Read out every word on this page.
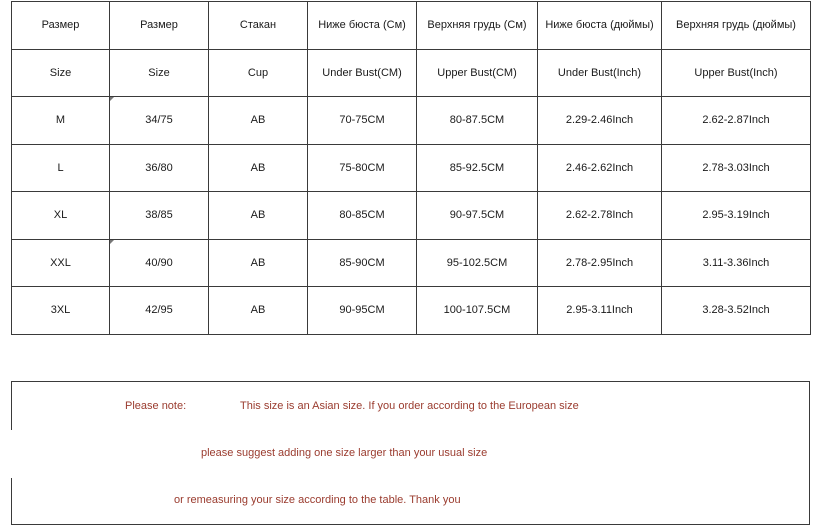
Размер	Размер	Стакан	Ниже бюста (См)	Верхняя грудь (См)	Ниже бюста (дюймы)	Верхняя грудь (дюймы)
Size	Size	Cup	Under Bust(CM)	Upper Bust(CM)	Under Bust(Inch)	Upper Bust(Inch)
M	34/75	AB	70-75CM	80-87.5CM	2.29-2.46Inch	2.62-2.87Inch
L	36/80	AB	75-80CM	85-92.5CM	2.46-2.62Inch	2.78-3.03Inch
XL	38/85	AB	80-85CM	90-97.5CM	2.62-2.78Inch	2.95-3.19Inch
XXL	40/90	AB	85-90CM	95-102.5CM	2.78-2.95Inch	3.11-3.36Inch
3XL	42/95	AB	90-95CM	100-107.5CM	2.95-3.11Inch	3.28-3.52Inch
Please note:	This size is an Asian size. If you order according to the European size
please suggest adding one size larger than your usual size
or remeasuring your size according to the table. Thank you
